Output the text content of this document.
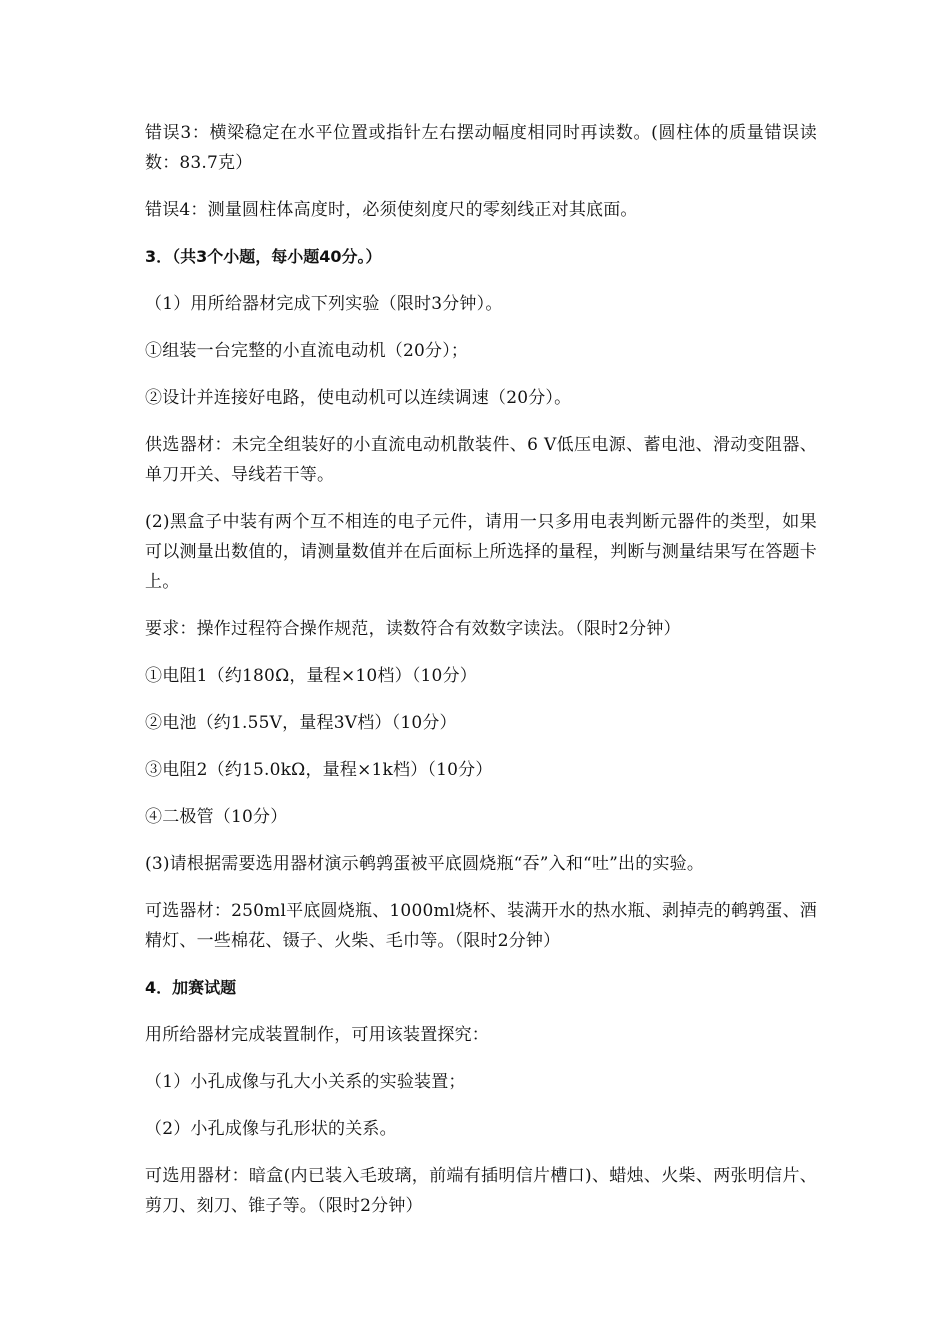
错误3：横梁稳定在水平位置或指针左右摆动幅度相同时再读数。(圆柱体的质量错误读数：83.7克）

错误4：测量圆柱体高度时，必须使刻度尺的零刻线正对其底面。

3．（共3个小题，每小题40分。）

（1）用所给器材完成下列实验（限时3分钟）。

①组装一台完整的小直流电动机（20分）；

②设计并连接好电路，使电动机可以连续调速（20分）。

供选器材：未完全组装好的小直流电动机散装件、6 V低压电源、蓄电池、滑动变阻器、单刀开关、导线若干等。

(2)黑盒子中装有两个互不相连的电子元件，请用一只多用电表判断元器件的类型，如果可以测量出数值的，请测量数值并在后面标上所选择的量程，判断与测量结果写在答题卡上。

要求：操作过程符合操作规范，读数符合有效数字读法。（限时2分钟）

①电阻1（约180Ω，量程×10档）（10分）

②电池（约1.55V，量程3V档）（10分）

③电阻2（约15.0kΩ，量程×1k档）（10分）

④二极管（10分）

(3)请根据需要选用器材演示鹌鹑蛋被平底圆烧瓶“吞”入和“吐”出的实验。

可选器材：250ml平底圆烧瓶、1000ml烧杯、装满开水的热水瓶、剥掉壳的鹌鹑蛋、酒精灯、一些棉花、镊子、火柴、毛巾等。（限时2分钟）

4．加赛试题

用所给器材完成装置制作，可用该装置探究：

（1）小孔成像与孔大小关系的实验装置；

（2）小孔成像与孔形状的关系。

可选用器材：暗盒(内已装入毛玻璃，前端有插明信片槽口)、蜡烛、火柴、两张明信片、剪刀、刻刀、锥子等。（限时2分钟）
